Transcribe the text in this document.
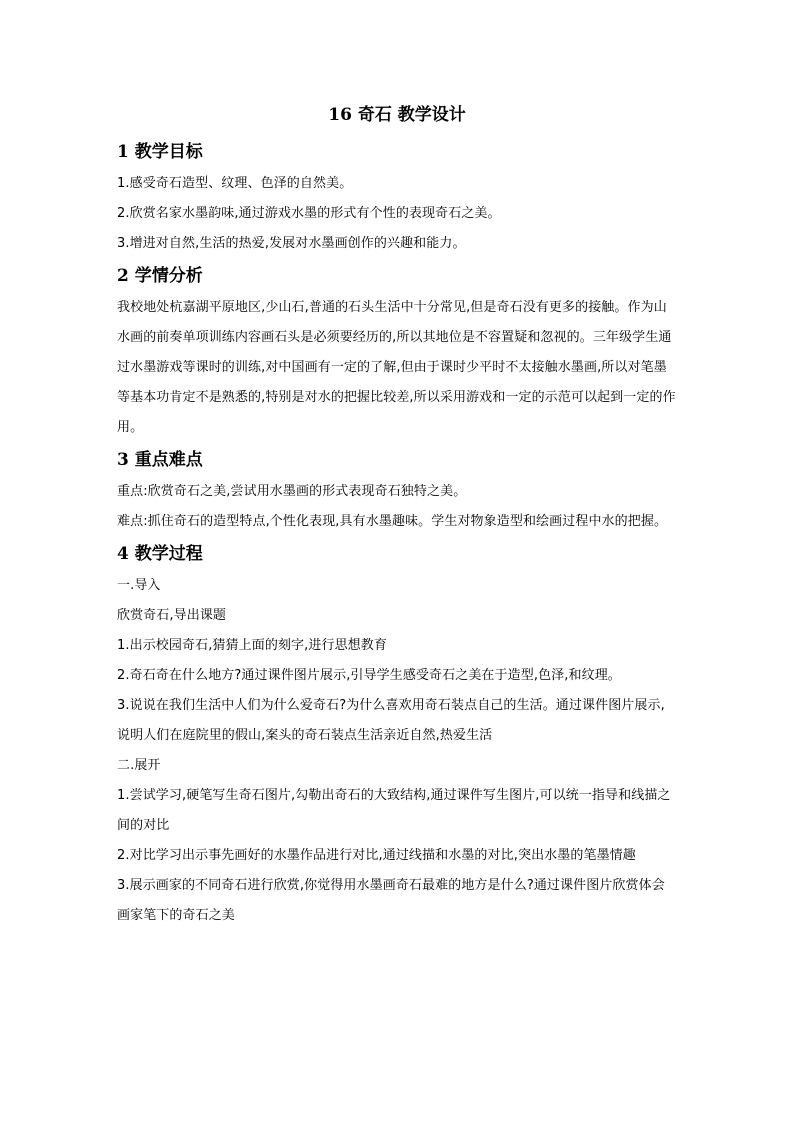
16 奇石 教学设计
1 教学目标

1.感受奇石造型、纹理、色泽的自然美。

2.欣赏名家水墨韵味,通过游戏水墨的形式有个性的表现奇石之美。

3.增进对自然,生活的热爱,发展对水墨画创作的兴趣和能力。

2 学情分析

我校地处杭嘉湖平原地区,少山石,普通的石头生活中十分常见,但是奇石没有更多的接触。作为山水画的前奏单项训练内容画石头是必须要经历的,所以其地位是不容置疑和忽视的。三年级学生通过水墨游戏等课时的训练,对中国画有一定的了解,但由于课时少平时不太接触水墨画,所以对笔墨等基本功肯定不是熟悉的,特别是对水的把握比较差,所以采用游戏和一定的示范可以起到一定的作用。

3 重点难点

重点:欣赏奇石之美,尝试用水墨画的形式表现奇石独特之美。

难点:抓住奇石的造型特点,个性化表现,具有水墨趣味。学生对物象造型和绘画过程中水的把握。

4 教学过程

一.导入

欣赏奇石,导出课题

1.出示校园奇石,猜猜上面的刻字,进行思想教育

2.奇石奇在什么地方?通过课件图片展示,引导学生感受奇石之美在于造型,色泽,和纹理。

3.说说在我们生活中人们为什么爱奇石?为什么喜欢用奇石装点自己的生活。通过课件图片展示,说明人们在庭院里的假山,案头的奇石装点生活亲近自然,热爱生活

二.展开

1.尝试学习,硬笔写生奇石图片,勾勒出奇石的大致结构,通过课件写生图片,可以统一指导和线描之间的对比

2.对比学习出示事先画好的水墨作品进行对比,通过线描和水墨的对比,突出水墨的笔墨情趣

3.展示画家的不同奇石进行欣赏,你觉得用水墨画奇石最难的地方是什么?通过课件图片欣赏体会画家笔下的奇石之美
